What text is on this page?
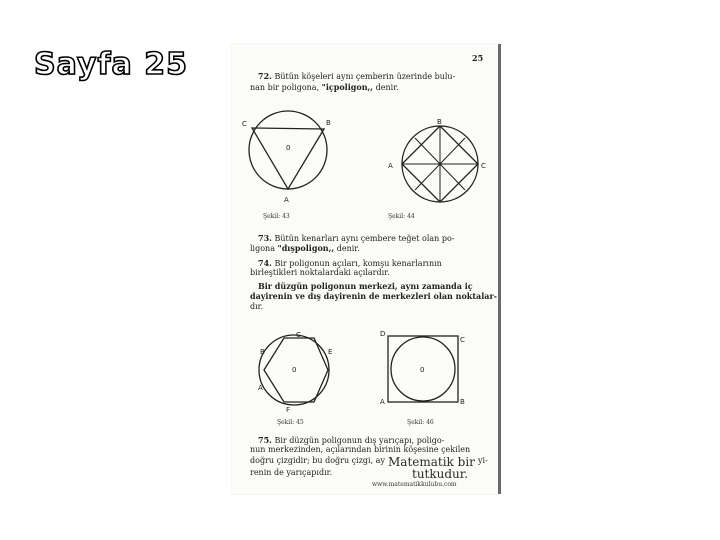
Sayfa 25	25
72. Bütün köşeleri aynı çemberin üzerinde bulu-
nan bir poligona, "içpoligon,, denir.
C	B
A
0
Şekil: 43
B
A	C
Şekil: 44
73. Bütün kenarları aynı çembere teğet olan po-
ligona "dışpoligon,, denir.
74. Bir poligonun açıları, komşu kenarlarının
birleştikleri noktalardaki açılardır.
Bir düzgün poligonun merkezi, aynı zamanda iç
dayirenin ve dış dayirenin de merkezleri olan noktalar-
dır.
C
B
A
E
F
0
Şekil: 45
D
C
A	B
0
Şekil: 46
75. Bir düzgün poligonun dış yarıçapı, poligo-
nun merkezinden, açılarından birinin köşesine çekilen
doğru çizgidir; bu doğru çizgi, ay	yi-
renin de yarıçapıdır.
Matematik bir
tutkudur.
www.matematikkulubu.com
